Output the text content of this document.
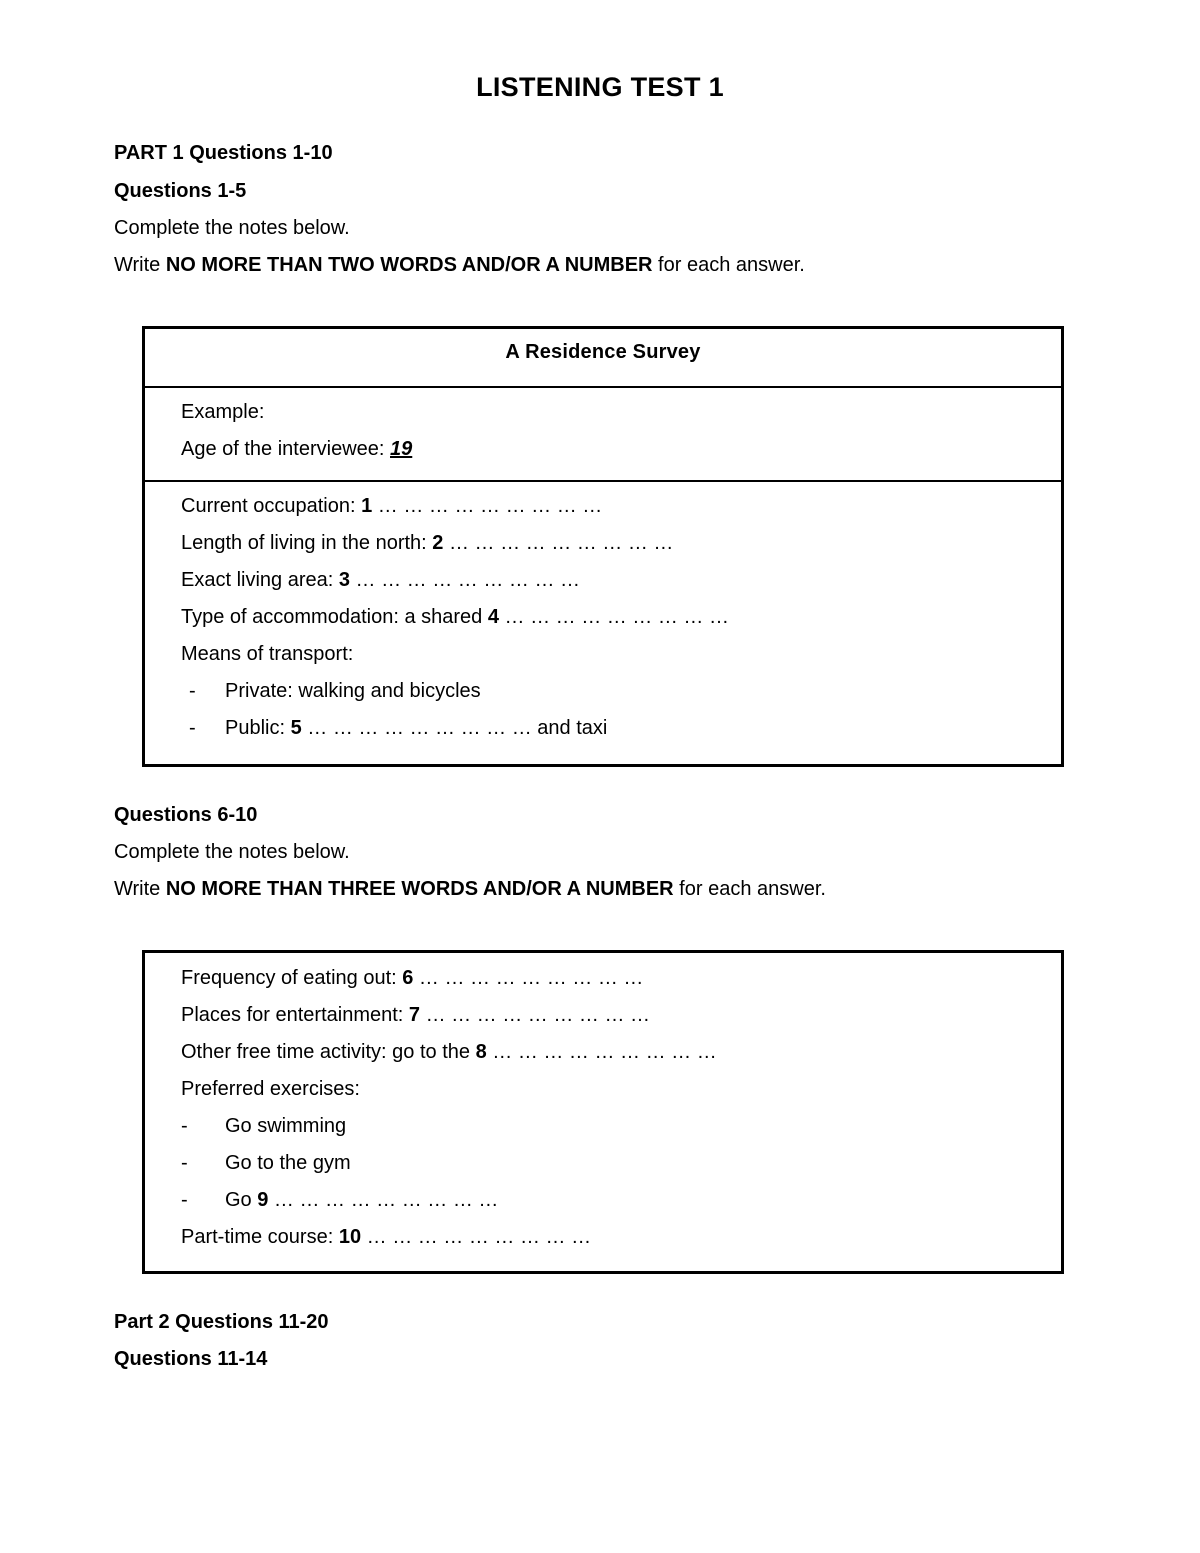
LISTENING TEST 1
PART 1 Questions 1-10
Questions 1-5
Complete the notes below.
Write NO MORE THAN TWO WORDS AND/OR A NUMBER for each answer.
A Residence Survey
Example:
Age of the interviewee: 19
Current occupation: 1 … … … … … … … … …
Length of living in the north: 2 … … … … … … … … …
Exact living area: 3 … … … … … … … … …
Type of accommodation: a shared 4 … … … … … … … … …
Means of transport:
- Private: walking and bicycles
- Public: 5 … … … … … … … … … and taxi
Questions 6-10
Complete the notes below.
Write NO MORE THAN THREE WORDS AND/OR A NUMBER for each answer.
Frequency of eating out: 6 … … … … … … … … …
Places for entertainment: 7 … … … … … … … … …
Other free time activity: go to the 8 … … … … … … … … …
Preferred exercises:
- Go swimming
- Go to the gym
- Go 9 … … … … … … … … …
Part-time course: 10 … … … … … … … … …
Part 2 Questions 11-20
Questions 11-14
